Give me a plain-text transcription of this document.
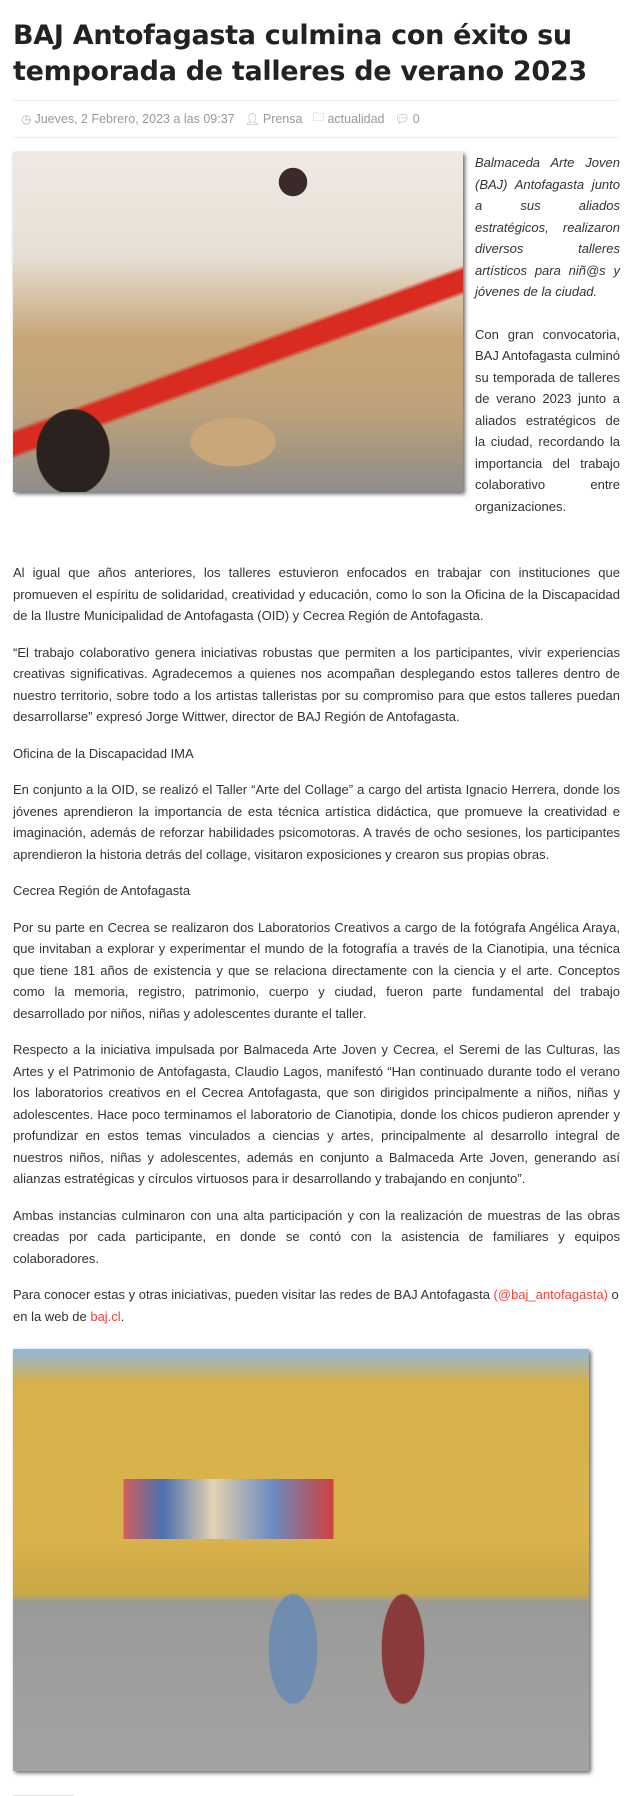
BAJ Antofagasta culmina con éxito su temporada de talleres de verano 2023
◷ Jueves, 2 Febrero, 2023 a las 09:37 👤︎ Prensa 🗀 actualidad 💬︎ 0

Balmaceda Arte Joven (BAJ) Antofagasta junto a sus aliados estratégicos, realizaron diversos talleres artísticos para niñ@s y jóvenes de la ciudad.

Con gran convocatoria, BAJ Antofagasta culminó su temporada de talleres de verano 2023 junto a aliados estratégicos de la ciudad, recordando la importancia del trabajo colaborativo entre organizaciones.

Al igual que años anteriores, los talleres estuvieron enfocados en trabajar con instituciones que promueven el espíritu de solidaridad, creatividad y educación, como lo son la Oficina de la Discapacidad de la Ilustre Municipalidad de Antofagasta (OID) y Cecrea Región de Antofagasta.

“El trabajo colaborativo genera iniciativas robustas que permiten a los participantes, vivir experiencias creativas significativas. Agradecemos a quienes nos acompañan desplegando estos talleres dentro de nuestro territorio, sobre todo a los artistas talleristas por su compromiso para que estos talleres puedan desarrollarse” expresó Jorge Wittwer, director de BAJ Región de Antofagasta.

Oficina de la Discapacidad IMA

En conjunto a la OID, se realizó el Taller “Arte del Collage” a cargo del artista Ignacio Herrera, donde los jóvenes aprendieron la importancia de esta técnica artística didáctica, que promueve la creatividad e imaginación, además de reforzar habilidades psicomotoras. A través de ocho sesiones, los participantes aprendieron la historia detrás del collage, visitaron exposiciones y crearon sus propias obras.

Cecrea Región de Antofagasta

Por su parte en Cecrea se realizaron dos Laboratorios Creativos a cargo de la fotógrafa Angélica Araya, que invitaban a explorar y experimentar el mundo de la fotografía a través de la Cianotipia, una técnica que tiene 181 años de existencia y que se relaciona directamente con la ciencia y el arte. Conceptos como la memoria, registro, patrimonio, cuerpo y ciudad, fueron parte fundamental del trabajo desarrollado por niños, niñas y adolescentes durante el taller.

Respecto a la iniciativa impulsada por Balmaceda Arte Joven y Cecrea, el Seremi de las Culturas, las Artes y el Patrimonio de Antofagasta, Claudio Lagos, manifestó “Han continuado durante todo el verano los laboratorios creativos en el Cecrea Antofagasta, que son dirigidos principalmente a niños, niñas y adolescentes. Hace poco terminamos el laboratorio de Cianotipia, donde los chicos pudieron aprender y profundizar en estos temas vinculados a ciencias y artes, principalmente al desarrollo integral de nuestros niños, niñas y adolescentes, además en conjunto a Balmaceda Arte Joven, generando así alianzas estratégicas y círculos virtuosos para ir desarrollando y trabajando en conjunto”.

Ambas instancias culminaron con una alta participación y con la realización de muestras de las obras creadas por cada participante, en donde se contó con la asistencia de familiares y equipos colaboradores.

Para conocer estas y otras iniciativas, pueden visitar las redes de BAJ Antofagasta (@baj_antofagasta) o en la web de baj.cl.
